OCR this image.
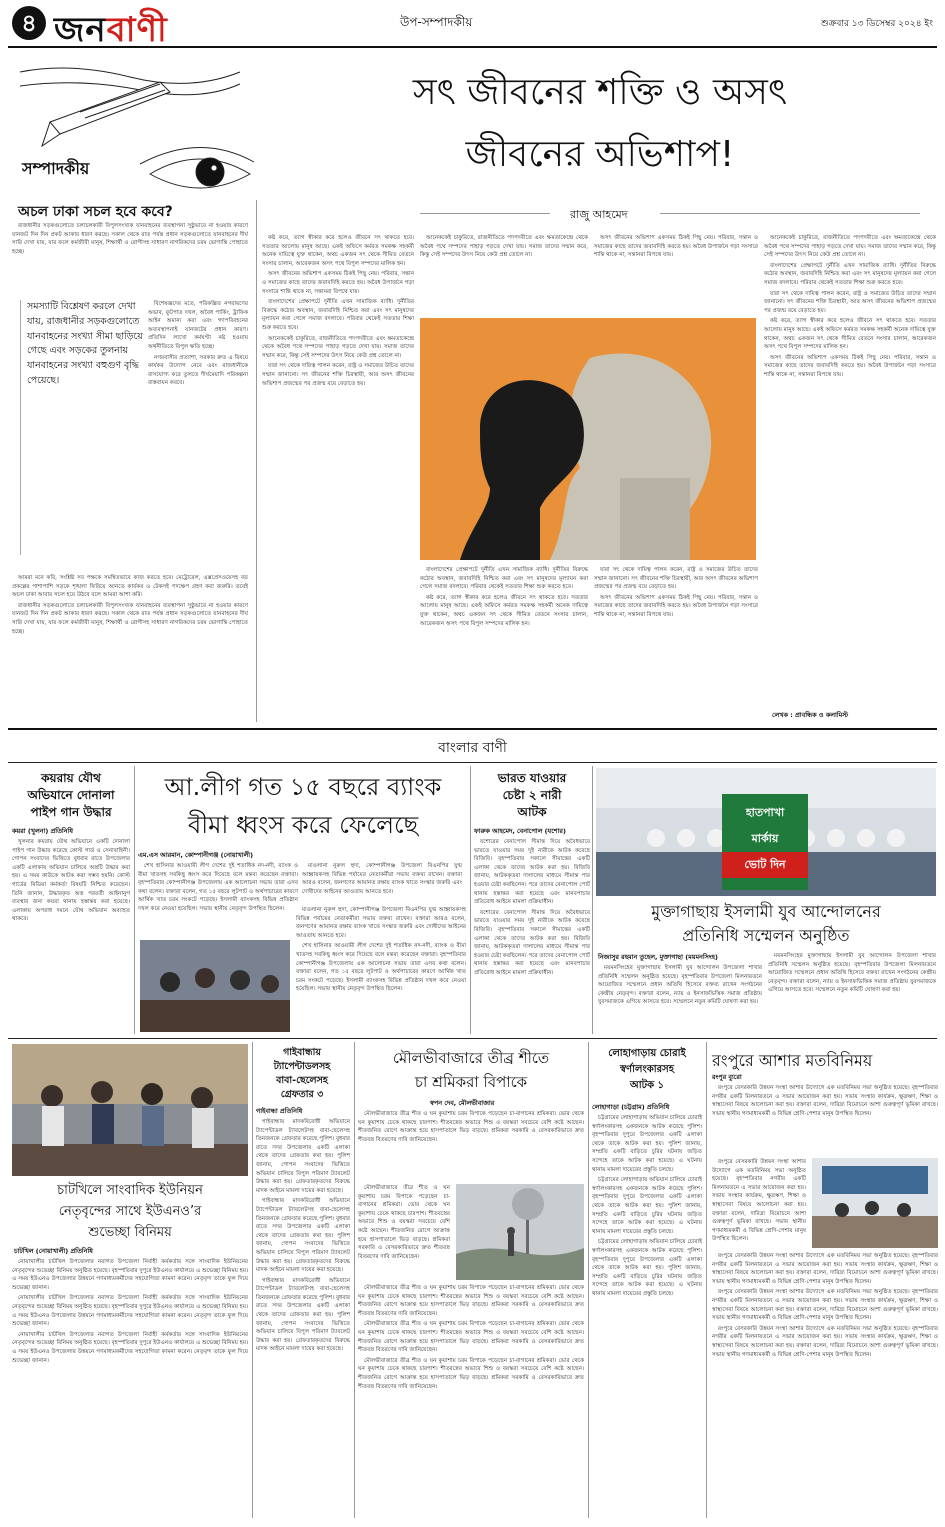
৪ জনবাণী	উপ-সম্পাদকীয়	শুক্রবার ১৩ ডিসেম্বর ২০২৪ ইং
সম্পাদকীয়
সৎ জীবনের শক্তি ও অসৎ
জীবনের অভিশাপ!
রাজু আহমেদ
অচল ঢাকা সচল হবে কবে?

রাজধানীর সড়কগুলোতে চলাচলকারী বিপুলসংখ্যক যানবাহনের ব্যবস্থাপনা সুষ্ঠুভাবে না হওয়ার কারণে যানজট দিন দিন প্রকট আকার ধারণ করছে। সকাল থেকে রাত পর্যন্ত প্রধান সড়কগুলোতে যানবাহনের দীর্ঘ সারি দেখা যায়, যার ফলে কর্মজীবী মানুষ, শিক্ষার্থী ও রোগীসহ সাধারণ নাগরিকদের চরম ভোগান্তি পোহাতে হচ্ছে।

সমস্যাটি বিশ্লেষণ করলে দেখা যায়, রাজধানীর সড়কগুলোতে যানবাহনের সংখ্যা সীমা ছাড়িয়ে গেছে এবং সড়কের তুলনায় যানবাহনের সংখ্যা বহুগুণ বৃদ্ধি পেয়েছে।

বিশেষজ্ঞদের মতে, পরিকল্পিত নগরায়ণের অভাব, ফুটপাত দখল, অবৈধ পার্কিং, ট্রাফিক আইন অমান্য করা এবং গণপরিবহনের অব্যবস্থাপনাই যানজটের প্রধান কারণ। প্রতিদিন লাখো কর্মঘণ্টা নষ্ট হওয়ায় অর্থনীতিতে বিপুল ক্ষতি হচ্ছে।

নগরবাসীর প্রত্যাশা, সরকার দ্রুত এ বিষয়ে কার্যকর উদ্যোগ নেবে এবং রাজধানীকে বাসযোগ্য করে তুলতে দীর্ঘমেয়াদি পরিকল্পনা বাস্তবায়ন করবে।

আমরা মনে করি, সংশ্লিষ্ট সব পক্ষকে সমন্বিতভাবে কাজ করতে হবে। মেট্রোরেল, এক্সপ্রেসওয়েসহ বড় প্রকল্পের পাশাপাশি সড়কে শৃঙ্খলা ফিরিয়ে আনতে কার্যকর ও টেকসই পদক্ষেপ গ্রহণ করা জরুরি। তবেই অচল ঢাকা আবার সচল হয়ে উঠবে বলে আমরা আশা করি।

রাজধানীর সড়কগুলোতে চলাচলকারী বিপুলসংখ্যক যানবাহনের ব্যবস্থাপনা সুষ্ঠুভাবে না হওয়ার কারণে যানজট দিন দিন প্রকট আকার ধারণ করছে। সকাল থেকে রাত পর্যন্ত প্রধান সড়কগুলোতে যানবাহনের দীর্ঘ সারি দেখা যায়, যার ফলে কর্মজীবী মানুষ, শিক্ষার্থী ও রোগীসহ সাধারণ নাগরিকদের চরম ভোগান্তি পোহাতে হচ্ছে।

কষ্ট করে, ত্যাগ স্বীকার করে হলেও জীবনে সৎ থাকতে হবে। সততার আলোয় মানুষ আছে। একই অফিসে কর্মরত সমকক্ষ সহকর্মী অনেক দায়িত্বে যুক্ত থাকেন, অথচ একজন সৎ থেকে সীমিত বেতনে সংসার চালান, আরেকজন অসৎ পথে বিপুল সম্পদের মালিক হন।

অসৎ জীবনের অভিশাপ একসময় ঠিকই পিছু নেয়। পরিবার, সন্তান ও সমাজের কাছে তাদের জবাবদিহি করতে হয়। অবৈধ উপার্জনে গড়া সংসারে শান্তি থাকে না, সন্তানরা বিপথে যায়।

বাংলাদেশের প্রেক্ষাপটে দুর্নীতি এখন সামাজিক ব্যাধি। দুর্নীতির বিরুদ্ধে কঠোর অবস্থান, জবাবদিহি নিশ্চিত করা এবং সৎ মানুষদের মূল্যায়ন করা গেলে সমাজ বদলাবে। পরিবার থেকেই সততার শিক্ষা শুরু করতে হবে।

আনেককেই চাকুরিতে, রাজনীতিতে পদপদবীতে এবং ক্ষমতাকেন্দ্রে থেকে অবৈধ পথে সম্পদের পাহাড় গড়তে দেখা যায়। সমাজ তাদের সম্মান করে, কিন্তু সেই সম্পদের উৎস নিয়ে কেউ প্রশ্ন তোলে না।

যারা সৎ থেকে দায়িত্ব পালন করেন, রাষ্ট্র ও সমাজের উচিত তাদের সম্মান জানানো। সৎ জীবনের শক্তি চিরস্থায়ী, আর অসৎ জীবনের অভিশাপ প্রজন্মের পর প্রজন্ম বয়ে বেড়াতে হয়।

আনেককেই চাকুরিতে, রাজনীতিতে পদপদবীতে এবং ক্ষমতাকেন্দ্রে থেকে অবৈধ পথে সম্পদের পাহাড় গড়তে দেখা যায়। সমাজ তাদের সম্মান করে, কিন্তু সেই সম্পদের উৎস নিয়ে কেউ প্রশ্ন তোলে না।

অসৎ জীবনের অভিশাপ একসময় ঠিকই পিছু নেয়। পরিবার, সন্তান ও সমাজের কাছে তাদের জবাবদিহি করতে হয়। অবৈধ উপার্জনে গড়া সংসারে শান্তি থাকে না, সন্তানরা বিপথে যায়।

বাংলাদেশের প্রেক্ষাপটে দুর্নীতি এখন সামাজিক ব্যাধি। দুর্নীতির বিরুদ্ধে কঠোর অবস্থান, জবাবদিহি নিশ্চিত করা এবং সৎ মানুষদের মূল্যায়ন করা গেলে সমাজ বদলাবে। পরিবার থেকেই সততার শিক্ষা শুরু করতে হবে।

কষ্ট করে, ত্যাগ স্বীকার করে হলেও জীবনে সৎ থাকতে হবে। সততার আলোয় মানুষ আছে। একই অফিসে কর্মরত সমকক্ষ সহকর্মী অনেক দায়িত্বে যুক্ত থাকেন, অথচ একজন সৎ থেকে সীমিত বেতনে সংসার চালান, আরেকজন অসৎ পথে বিপুল সম্পদের মালিক হন।

যারা সৎ থেকে দায়িত্ব পালন করেন, রাষ্ট্র ও সমাজের উচিত তাদের সম্মান জানানো। সৎ জীবনের শক্তি চিরস্থায়ী, আর অসৎ জীবনের অভিশাপ প্রজন্মের পর প্রজন্ম বয়ে বেড়াতে হয়।

অসৎ জীবনের অভিশাপ একসময় ঠিকই পিছু নেয়। পরিবার, সন্তান ও সমাজের কাছে তাদের জবাবদিহি করতে হয়। অবৈধ উপার্জনে গড়া সংসারে শান্তি থাকে না, সন্তানরা বিপথে যায়।

আনেককেই চাকুরিতে, রাজনীতিতে পদপদবীতে এবং ক্ষমতাকেন্দ্রে থেকে অবৈধ পথে সম্পদের পাহাড় গড়তে দেখা যায়। সমাজ তাদের সম্মান করে, কিন্তু সেই সম্পদের উৎস নিয়ে কেউ প্রশ্ন তোলে না।

বাংলাদেশের প্রেক্ষাপটে দুর্নীতি এখন সামাজিক ব্যাধি। দুর্নীতির বিরুদ্ধে কঠোর অবস্থান, জবাবদিহি নিশ্চিত করা এবং সৎ মানুষদের মূল্যায়ন করা গেলে সমাজ বদলাবে। পরিবার থেকেই সততার শিক্ষা শুরু করতে হবে।

যারা সৎ থেকে দায়িত্ব পালন করেন, রাষ্ট্র ও সমাজের উচিত তাদের সম্মান জানানো। সৎ জীবনের শক্তি চিরস্থায়ী, আর অসৎ জীবনের অভিশাপ প্রজন্মের পর প্রজন্ম বয়ে বেড়াতে হয়।

কষ্ট করে, ত্যাগ স্বীকার করে হলেও জীবনে সৎ থাকতে হবে। সততার আলোয় মানুষ আছে। একই অফিসে কর্মরত সমকক্ষ সহকর্মী অনেক দায়িত্বে যুক্ত থাকেন, অথচ একজন সৎ থেকে সীমিত বেতনে সংসার চালান, আরেকজন অসৎ পথে বিপুল সম্পদের মালিক হন।

অসৎ জীবনের অভিশাপ একসময় ঠিকই পিছু নেয়। পরিবার, সন্তান ও সমাজের কাছে তাদের জবাবদিহি করতে হয়। অবৈধ উপার্জনে গড়া সংসারে শান্তি থাকে না, সন্তানরা বিপথে যায়।

লেখক : প্রাবন্ধিক ও কলামিস্ট
বাংলার বাণী
কয়রায় যৌথ
অভিযানে দোনালা
পাইপ গান উদ্ধার
কয়রা (খুলনা) প্রতিনিধি

খুলনার কয়রায় যৌথ অভিযানে একটি দোনালা পাইপ গান উদ্ধার করেছে কোস্ট গার্ড ও সেনাবাহিনী। গোপন সংবাদের ভিত্তিতে বুধবার রাতে উপজেলার একটি এলাকায় অভিযান চালিয়ে অস্ত্রটি উদ্ধার করা হয়। এ সময় কাউকে আটক করা সম্ভব হয়নি। কোস্ট গার্ডের মিডিয়া কর্মকর্তা বিষয়টি নিশ্চিত করেছেন। তিনি জানান, উদ্ধারকৃত অস্ত্র পরবর্তী আইনানুগ ব্যবস্থার জন্য কয়রা থানায় হস্তান্তর করা হয়েছে। এলাকায় অপরাধ দমনে যৌথ অভিযান অব্যাহত থাকবে।

আ.লীগ গত ১৫ বছরে ব্যাংক
বীমা ধ্বংস করে ফেলেছে
এম.এস আরমান, কোম্পানীগঞ্জ (নোয়াখালী)

শেখ হাসিনার আওয়ামী লীগ দেশের দুই শতাধিক নদ-নদী, ব্যাংক ও বীমা খাতসহ সবকিছু ধ্বংস করে দিয়েছে বলে মন্তব্য করেছেন বক্তারা। বৃহস্পতিবার কোম্পানীগঞ্জ উপজেলায় এক আলোচনা সভায় তারা এসব কথা বলেন। বক্তারা বলেন, গত ১৫ বছরে লুটপাট ও অর্থপাচারের কারণে আর্থিক খাত চরম সংকটে পড়েছে। ইসলামী ব্যাংকসহ বিভিন্ন প্রতিষ্ঠান দখল করে নেওয়া হয়েছিল। সভায় স্থানীয় নেতৃবৃন্দ উপস্থিত ছিলেন।

মাওলানা নুরুল হুদা, কোম্পানীগঞ্জ উপজেলা বিএনপির যুগ্ম আহ্বায়কসহ বিভিন্ন পর্যায়ের নেতাকর্মীরা সভায় বক্তব্য রাখেন। বক্তারা আরও বলেন, জনগণের আমানত রক্ষায় ব্যাংক খাতে সংস্কার জরুরি এবং দোষীদের আইনের আওতায় আনতে হবে।

মাওলানা নুরুল হুদা, কোম্পানীগঞ্জ উপজেলা বিএনপির যুগ্ম আহ্বায়কসহ বিভিন্ন পর্যায়ের নেতাকর্মীরা সভায় বক্তব্য রাখেন। বক্তারা আরও বলেন, জনগণের আমানত রক্ষায় ব্যাংক খাতে সংস্কার জরুরি এবং দোষীদের আইনের আওতায় আনতে হবে।

শেখ হাসিনার আওয়ামী লীগ দেশের দুই শতাধিক নদ-নদী, ব্যাংক ও বীমা খাতসহ সবকিছু ধ্বংস করে দিয়েছে বলে মন্তব্য করেছেন বক্তারা। বৃহস্পতিবার কোম্পানীগঞ্জ উপজেলায় এক আলোচনা সভায় তারা এসব কথা বলেন। বক্তারা বলেন, গত ১৫ বছরে লুটপাট ও অর্থপাচারের কারণে আর্থিক খাত চরম সংকটে পড়েছে। ইসলামী ব্যাংকসহ বিভিন্ন প্রতিষ্ঠান দখল করে নেওয়া হয়েছিল। সভায় স্থানীয় নেতৃবৃন্দ উপস্থিত ছিলেন।

ভারত যাওয়ার
চেষ্টা ২ নারী
আটক
ফারুক আহমেদ, বেনাপোল (যশোর)

যশোরের বেনাপোল সীমান্ত দিয়ে অবৈধভাবে ভারতে যাওয়ার সময় দুই নারীকে আটক করেছে বিজিবি। বৃহস্পতিবার সকালে সীমান্তের একটি এলাকা থেকে তাদের আটক করা হয়। বিজিবি জানায়, আটককৃতরা দালালের মাধ্যমে সীমান্ত পার হওয়ার চেষ্টা করছিলেন। পরে তাদের বেনাপোল পোর্ট থানায় হস্তান্তর করা হয়েছে এবং মানবপাচার প্রতিরোধ আইনে মামলা প্রক্রিয়াধীন।

যশোরের বেনাপোল সীমান্ত দিয়ে অবৈধভাবে ভারতে যাওয়ার সময় দুই নারীকে আটক করেছে বিজিবি। বৃহস্পতিবার সকালে সীমান্তের একটি এলাকা থেকে তাদের আটক করা হয়। বিজিবি জানায়, আটককৃতরা দালালের মাধ্যমে সীমান্ত পার হওয়ার চেষ্টা করছিলেন। পরে তাদের বেনাপোল পোর্ট থানায় হস্তান্তর করা হয়েছে এবং মানবপাচার প্রতিরোধ আইনে মামলা প্রক্রিয়াধীন।

হাতপাখা
মার্কায়
ভোট দিন
মুক্তাগাছায় ইসলামী যুব আন্দোলনের
প্রতিনিধি সম্মেলন অনুষ্ঠিত
নিজাসুর রহমান তুহেল, মুক্তাগাছা (ময়মনসিংহ)

ময়মনসিংহের মুক্তাগাছায় ইসলামী যুব আন্দোলন উপজেলা শাখার প্রতিনিধি সম্মেলন অনুষ্ঠিত হয়েছে। বৃহস্পতিবার উপজেলা মিলনায়তনে আয়োজিত সম্মেলনে প্রধান অতিথি হিসেবে বক্তব্য রাখেন সংগঠনের কেন্দ্রীয় নেতৃবৃন্দ। বক্তারা বলেন, ন্যায় ও ইনসাফভিত্তিক সমাজ প্রতিষ্ঠায় যুবসমাজকে এগিয়ে আসতে হবে। সম্মেলনে নতুন কমিটি ঘোষণা করা হয়।

ময়মনসিংহের মুক্তাগাছায় ইসলামী যুব আন্দোলন উপজেলা শাখার প্রতিনিধি সম্মেলন অনুষ্ঠিত হয়েছে। বৃহস্পতিবার উপজেলা মিলনায়তনে আয়োজিত সম্মেলনে প্রধান অতিথি হিসেবে বক্তব্য রাখেন সংগঠনের কেন্দ্রীয় নেতৃবৃন্দ। বক্তারা বলেন, ন্যায় ও ইনসাফভিত্তিক সমাজ প্রতিষ্ঠায় যুবসমাজকে এগিয়ে আসতে হবে। সম্মেলনে নতুন কমিটি ঘোষণা করা হয়।

চাটখিলে সাংবাদিক ইউনিয়ন
নেতৃবৃন্দের সাথে ইউএনও’র
শুভেচ্ছা বিনিময়
চাটখিল (নোয়াখালী) প্রতিনিধি

নোয়াখালীর চাটখিল উপজেলার নবাগত উপজেলা নির্বাহী কর্মকর্তার সঙ্গে সাংবাদিক ইউনিয়নের নেতৃবৃন্দের শুভেচ্ছা বিনিময় অনুষ্ঠিত হয়েছে। বৃহস্পতিবার দুপুরে ইউএনও কার্যালয়ে এ শুভেচ্ছা বিনিময় হয়। এ সময় ইউএনও উপজেলার উন্নয়নে গণমাধ্যমকর্মীদের সহযোগিতা কামনা করেন। নেতৃবৃন্দ তাকে ফুল দিয়ে শুভেচ্ছা জানান।

নোয়াখালীর চাটখিল উপজেলার নবাগত উপজেলা নির্বাহী কর্মকর্তার সঙ্গে সাংবাদিক ইউনিয়নের নেতৃবৃন্দের শুভেচ্ছা বিনিময় অনুষ্ঠিত হয়েছে। বৃহস্পতিবার দুপুরে ইউএনও কার্যালয়ে এ শুভেচ্ছা বিনিময় হয়। এ সময় ইউএনও উপজেলার উন্নয়নে গণমাধ্যমকর্মীদের সহযোগিতা কামনা করেন। নেতৃবৃন্দ তাকে ফুল দিয়ে শুভেচ্ছা জানান।

নোয়াখালীর চাটখিল উপজেলার নবাগত উপজেলা নির্বাহী কর্মকর্তার সঙ্গে সাংবাদিক ইউনিয়নের নেতৃবৃন্দের শুভেচ্ছা বিনিময় অনুষ্ঠিত হয়েছে। বৃহস্পতিবার দুপুরে ইউএনও কার্যালয়ে এ শুভেচ্ছা বিনিময় হয়। এ সময় ইউএনও উপজেলার উন্নয়নে গণমাধ্যমকর্মীদের সহযোগিতা কামনা করেন। নেতৃবৃন্দ তাকে ফুল দিয়ে শুভেচ্ছা জানান।

গাইবান্ধায়
ট্যাপেন্টাডলসহ
বাবা-ছেলেসহ
গ্রেফতার ৩
গাইবান্ধা প্রতিনিধি

গাইবান্ধায় মাদকবিরোধী অভিযানে ট্যাপেন্টাডল ট্যাবলেটসহ বাবা-ছেলেসহ তিনজনকে গ্রেফতার করেছে পুলিশ। বুধবার রাতে সদর উপজেলার একটি এলাকা থেকে তাদের গ্রেফতার করা হয়। পুলিশ জানায়, গোপন সংবাদের ভিত্তিতে অভিযান চালিয়ে বিপুল পরিমাণ ট্যাবলেট উদ্ধার করা হয়। গ্রেফতারকৃতদের বিরুদ্ধে মাদক আইনে মামলা দায়ের করা হয়েছে।

গাইবান্ধায় মাদকবিরোধী অভিযানে ট্যাপেন্টাডল ট্যাবলেটসহ বাবা-ছেলেসহ তিনজনকে গ্রেফতার করেছে পুলিশ। বুধবার রাতে সদর উপজেলার একটি এলাকা থেকে তাদের গ্রেফতার করা হয়। পুলিশ জানায়, গোপন সংবাদের ভিত্তিতে অভিযান চালিয়ে বিপুল পরিমাণ ট্যাবলেট উদ্ধার করা হয়। গ্রেফতারকৃতদের বিরুদ্ধে মাদক আইনে মামলা দায়ের করা হয়েছে।

গাইবান্ধায় মাদকবিরোধী অভিযানে ট্যাপেন্টাডল ট্যাবলেটসহ বাবা-ছেলেসহ তিনজনকে গ্রেফতার করেছে পুলিশ। বুধবার রাতে সদর উপজেলার একটি এলাকা থেকে তাদের গ্রেফতার করা হয়। পুলিশ জানায়, গোপন সংবাদের ভিত্তিতে অভিযান চালিয়ে বিপুল পরিমাণ ট্যাবলেট উদ্ধার করা হয়। গ্রেফতারকৃতদের বিরুদ্ধে মাদক আইনে মামলা দায়ের করা হয়েছে।

মৌলভীবাজারে তীব্র শীতে
চা শ্রমিকরা বিপাকে
স্বপন দেব, মৌলভীবাজার

মৌলভীবাজারে তীব্র শীত ও ঘন কুয়াশায় চরম বিপাকে পড়েছেন চা-বাগানের শ্রমিকরা। ভোর থেকে ঘন কুয়াশায় ঢেকে থাকছে চারপাশ। শীতবস্ত্রের অভাবে শিশু ও বয়স্করা সবচেয়ে বেশি কষ্টে আছেন। শীতজনিত রোগে আক্রান্ত হয়ে হাসপাতালে ভিড় বাড়ছে। শ্রমিকরা সরকারি ও বেসরকারিভাবে দ্রুত শীতবস্ত্র বিতরণের দাবি জানিয়েছেন।

মৌলভীবাজারে তীব্র শীত ও ঘন কুয়াশায় চরম বিপাকে পড়েছেন চা-বাগানের শ্রমিকরা। ভোর থেকে ঘন কুয়াশায় ঢেকে থাকছে চারপাশ। শীতবস্ত্রের অভাবে শিশু ও বয়স্করা সবচেয়ে বেশি কষ্টে আছেন। শীতজনিত রোগে আক্রান্ত হয়ে হাসপাতালে ভিড় বাড়ছে। শ্রমিকরা সরকারি ও বেসরকারিভাবে দ্রুত শীতবস্ত্র বিতরণের দাবি জানিয়েছেন।

মৌলভীবাজারে তীব্র শীত ও ঘন কুয়াশায় চরম বিপাকে পড়েছেন চা-বাগানের শ্রমিকরা। ভোর থেকে ঘন কুয়াশায় ঢেকে থাকছে চারপাশ। শীতবস্ত্রের অভাবে শিশু ও বয়স্করা সবচেয়ে বেশি কষ্টে আছেন। শীতজনিত রোগে আক্রান্ত হয়ে হাসপাতালে ভিড় বাড়ছে। শ্রমিকরা সরকারি ও বেসরকারিভাবে দ্রুত শীতবস্ত্র বিতরণের দাবি জানিয়েছেন।

মৌলভীবাজারে তীব্র শীত ও ঘন কুয়াশায় চরম বিপাকে পড়েছেন চা-বাগানের শ্রমিকরা। ভোর থেকে ঘন কুয়াশায় ঢেকে থাকছে চারপাশ। শীতবস্ত্রের অভাবে শিশু ও বয়স্করা সবচেয়ে বেশি কষ্টে আছেন। শীতজনিত রোগে আক্রান্ত হয়ে হাসপাতালে ভিড় বাড়ছে। শ্রমিকরা সরকারি ও বেসরকারিভাবে দ্রুত শীতবস্ত্র বিতরণের দাবি জানিয়েছেন।

মৌলভীবাজারে তীব্র শীত ও ঘন কুয়াশায় চরম বিপাকে পড়েছেন চা-বাগানের শ্রমিকরা। ভোর থেকে ঘন কুয়াশায় ঢেকে থাকছে চারপাশ। শীতবস্ত্রের অভাবে শিশু ও বয়স্করা সবচেয়ে বেশি কষ্টে আছেন। শীতজনিত রোগে আক্রান্ত হয়ে হাসপাতালে ভিড় বাড়ছে। শ্রমিকরা সরকারি ও বেসরকারিভাবে দ্রুত শীতবস্ত্র বিতরণের দাবি জানিয়েছেন।

লোহাগাড়ায় চোরাই
স্বর্ণালংকারসহ
আটক ১
লোহাগাড়া (চট্টগ্রাম) প্রতিনিধি

চট্টগ্রামের লোহাগাড়ায় অভিযান চালিয়ে চোরাই স্বর্ণালংকারসহ একজনকে আটক করেছে পুলিশ। বৃহস্পতিবার দুপুরে উপজেলার একটি এলাকা থেকে তাকে আটক করা হয়। পুলিশ জানায়, সম্প্রতি একটি বাড়িতে চুরির ঘটনায় জড়িত সন্দেহে তাকে আটক করা হয়েছে। এ ঘটনায় থানায় মামলা দায়েরের প্রস্তুতি চলছে।

চট্টগ্রামের লোহাগাড়ায় অভিযান চালিয়ে চোরাই স্বর্ণালংকারসহ একজনকে আটক করেছে পুলিশ। বৃহস্পতিবার দুপুরে উপজেলার একটি এলাকা থেকে তাকে আটক করা হয়। পুলিশ জানায়, সম্প্রতি একটি বাড়িতে চুরির ঘটনায় জড়িত সন্দেহে তাকে আটক করা হয়েছে। এ ঘটনায় থানায় মামলা দায়েরের প্রস্তুতি চলছে।

চট্টগ্রামের লোহাগাড়ায় অভিযান চালিয়ে চোরাই স্বর্ণালংকারসহ একজনকে আটক করেছে পুলিশ। বৃহস্পতিবার দুপুরে উপজেলার একটি এলাকা থেকে তাকে আটক করা হয়। পুলিশ জানায়, সম্প্রতি একটি বাড়িতে চুরির ঘটনায় জড়িত সন্দেহে তাকে আটক করা হয়েছে। এ ঘটনায় থানায় মামলা দায়েরের প্রস্তুতি চলছে।

রংপুরে আশার মতবিনিময়
রংপুর ব্যুরো

রংপুরে বেসরকারি উন্নয়ন সংস্থা আশার উদ্যোগে এক মতবিনিময় সভা অনুষ্ঠিত হয়েছে। বৃহস্পতিবার নগরীর একটি মিলনায়তনে এ সভার আয়োজন করা হয়। সভায় সংস্থার কার্যক্রম, ক্ষুদ্রঋণ, শিক্ষা ও স্বাস্থ্যসেবা বিষয়ে আলোচনা করা হয়। বক্তারা বলেন, দারিদ্র্য বিমোচনে আশা গুরুত্বপূর্ণ ভূমিকা রাখছে। সভায় স্থানীয় গণমাধ্যমকর্মী ও বিভিন্ন শ্রেণি-পেশার মানুষ উপস্থিত ছিলেন।

রংপুরে বেসরকারি উন্নয়ন সংস্থা আশার উদ্যোগে এক মতবিনিময় সভা অনুষ্ঠিত হয়েছে। বৃহস্পতিবার নগরীর একটি মিলনায়তনে এ সভার আয়োজন করা হয়। সভায় সংস্থার কার্যক্রম, ক্ষুদ্রঋণ, শিক্ষা ও স্বাস্থ্যসেবা বিষয়ে আলোচনা করা হয়। বক্তারা বলেন, দারিদ্র্য বিমোচনে আশা গুরুত্বপূর্ণ ভূমিকা রাখছে। সভায় স্থানীয় গণমাধ্যমকর্মী ও বিভিন্ন শ্রেণি-পেশার মানুষ উপস্থিত ছিলেন।

রংপুরে বেসরকারি উন্নয়ন সংস্থা আশার উদ্যোগে এক মতবিনিময় সভা অনুষ্ঠিত হয়েছে। বৃহস্পতিবার নগরীর একটি মিলনায়তনে এ সভার আয়োজন করা হয়। সভায় সংস্থার কার্যক্রম, ক্ষুদ্রঋণ, শিক্ষা ও স্বাস্থ্যসেবা বিষয়ে আলোচনা করা হয়। বক্তারা বলেন, দারিদ্র্য বিমোচনে আশা গুরুত্বপূর্ণ ভূমিকা রাখছে। সভায় স্থানীয় গণমাধ্যমকর্মী ও বিভিন্ন শ্রেণি-পেশার মানুষ উপস্থিত ছিলেন।

রংপুরে বেসরকারি উন্নয়ন সংস্থা আশার উদ্যোগে এক মতবিনিময় সভা অনুষ্ঠিত হয়েছে। বৃহস্পতিবার নগরীর একটি মিলনায়তনে এ সভার আয়োজন করা হয়। সভায় সংস্থার কার্যক্রম, ক্ষুদ্রঋণ, শিক্ষা ও স্বাস্থ্যসেবা বিষয়ে আলোচনা করা হয়। বক্তারা বলেন, দারিদ্র্য বিমোচনে আশা গুরুত্বপূর্ণ ভূমিকা রাখছে। সভায় স্থানীয় গণমাধ্যমকর্মী ও বিভিন্ন শ্রেণি-পেশার মানুষ উপস্থিত ছিলেন।

রংপুরে বেসরকারি উন্নয়ন সংস্থা আশার উদ্যোগে এক মতবিনিময় সভা অনুষ্ঠিত হয়েছে। বৃহস্পতিবার নগরীর একটি মিলনায়তনে এ সভার আয়োজন করা হয়। সভায় সংস্থার কার্যক্রম, ক্ষুদ্রঋণ, শিক্ষা ও স্বাস্থ্যসেবা বিষয়ে আলোচনা করা হয়। বক্তারা বলেন, দারিদ্র্য বিমোচনে আশা গুরুত্বপূর্ণ ভূমিকা রাখছে। সভায় স্থানীয় গণমাধ্যমকর্মী ও বিভিন্ন শ্রেণি-পেশার মানুষ উপস্থিত ছিলেন।
